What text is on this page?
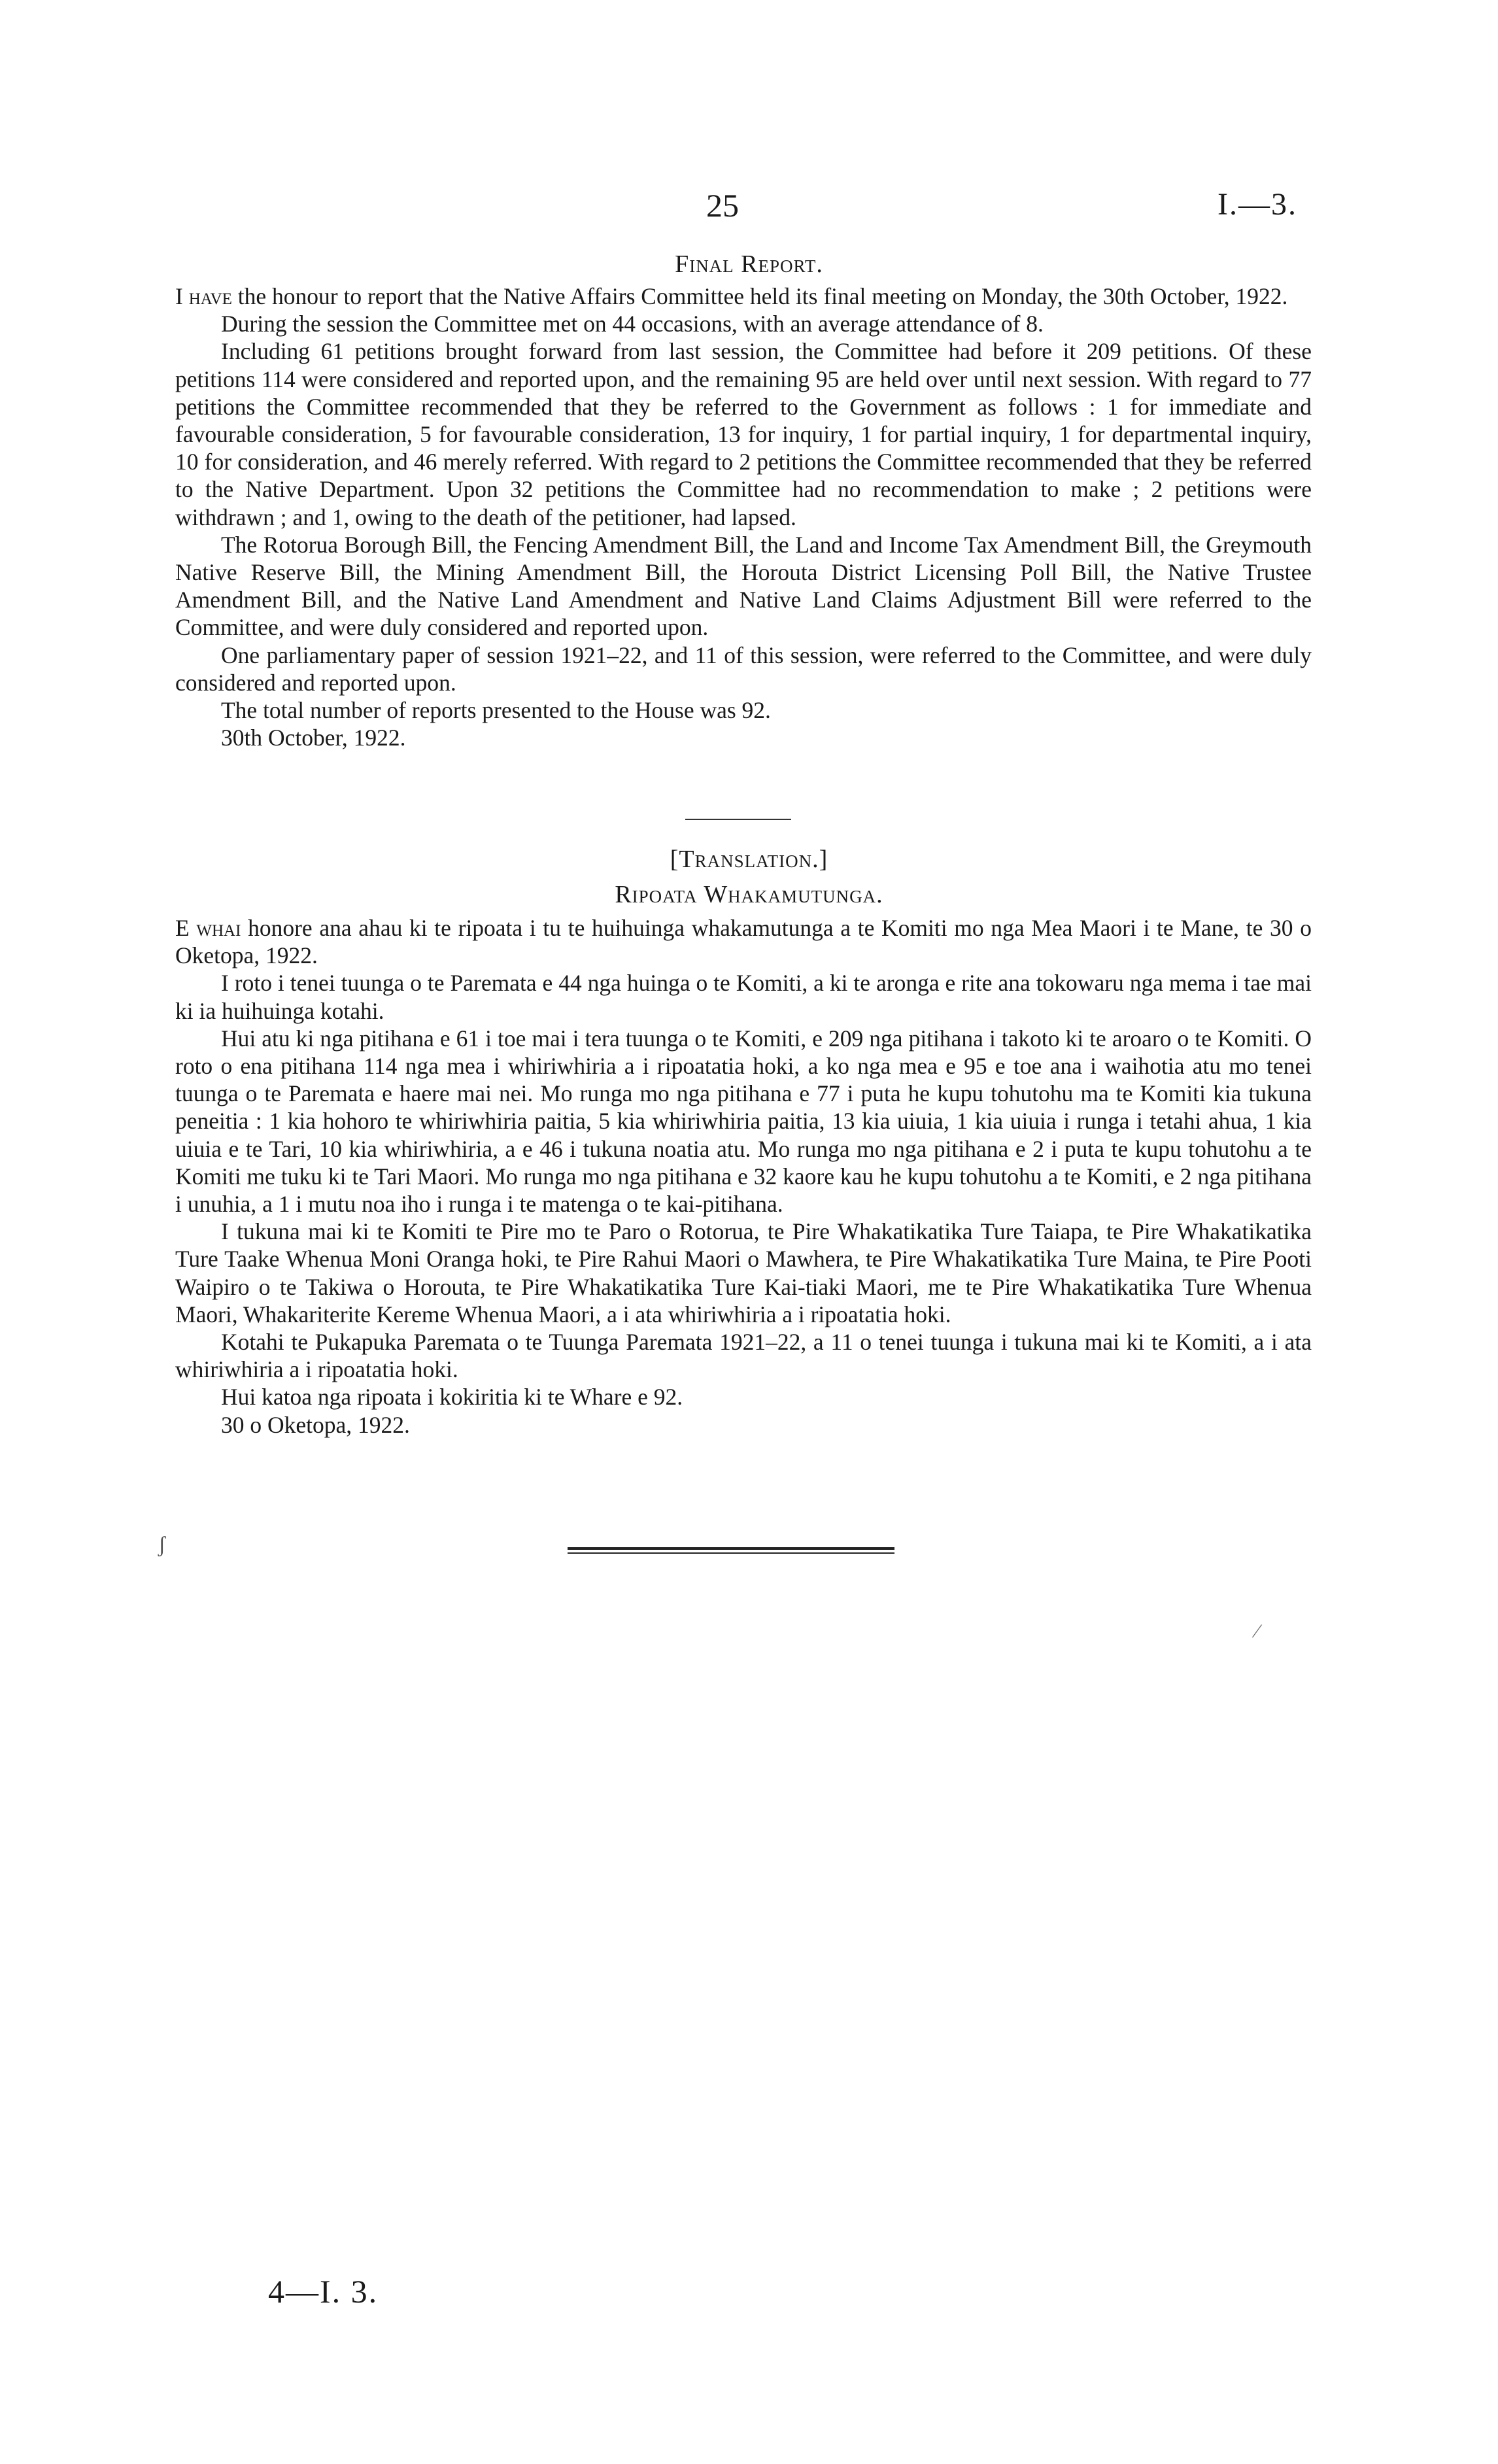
25	I.—3.
Final Report.

I have the honour to report that the Native Affairs Committee held its final meeting on Monday, the 30th October, 1922.

During the session the Committee met on 44 occasions, with an average attendance of 8.

Including 61 petitions brought forward from last session, the Committee had before it 209 petitions. Of these petitions 114 were considered and reported upon, and the remaining 95 are held over until next session. With regard to 77 petitions the Committee recommended that they be referred to the Government as follows : 1 for immediate and favourable consideration, 5 for favourable consideration, 13 for inquiry, 1 for partial inquiry, 1 for departmental inquiry, 10 for consideration, and 46 merely referred. With regard to 2 petitions the Committee recommended that they be referred to the Native Department. Upon 32 petitions the Committee had no recommendation to make ; 2 petitions were withdrawn ; and 1, owing to the death of the petitioner, had lapsed.

The Rotorua Borough Bill, the Fencing Amendment Bill, the Land and Income Tax Amendment Bill, the Greymouth Native Reserve Bill, the Mining Amendment Bill, the Horouta District Licensing Poll Bill, the Native Trustee Amendment Bill, and the Native Land Amendment and Native Land Claims Adjustment Bill were referred to the Committee, and were duly considered and reported upon.

One parliamentary paper of session 1921–22, and 11 of this session, were referred to the Committee, and were duly considered and reported upon.

The total number of reports presented to the House was 92.

30th October, 1922.

[Translation.]
Ripoata Whakamutunga.

E whai honore ana ahau ki te ripoata i tu te huihuinga whakamutunga a te Komiti mo nga Mea Maori i te Mane, te 30 o Oketopa, 1922.

I roto i tenei tuunga o te Paremata e 44 nga huinga o te Komiti, a ki te aronga e rite ana tokowaru nga mema i tae mai ki ia huihuinga kotahi.

Hui atu ki nga pitihana e 61 i toe mai i tera tuunga o te Komiti, e 209 nga pitihana i takoto ki te aroaro o te Komiti. O roto o ena pitihana 114 nga mea i whiriwhiria a i ripoatatia hoki, a ko nga mea e 95 e toe ana i waihotia atu mo tenei tuunga o te Paremata e haere mai nei. Mo runga mo nga pitihana e 77 i puta he kupu tohutohu ma te Komiti kia tukuna peneitia : 1 kia hohoro te whiriwhiria paitia, 5 kia whiriwhiria paitia, 13 kia uiuia, 1 kia uiuia i runga i tetahi ahua, 1 kia uiuia e te Tari, 10 kia whiriwhiria, a e 46 i tukuna noatia atu. Mo runga mo nga pitihana e 2 i puta te kupu tohutohu a te Komiti me tuku ki te Tari Maori. Mo runga mo nga pitihana e 32 kaore kau he kupu tohutohu a te Komiti, e 2 nga pitihana i unuhia, a 1 i mutu noa iho i runga i te matenga o te kai-pitihana.

I tukuna mai ki te Komiti te Pire mo te Paro o Rotorua, te Pire Whakatikatika Ture Taiapa, te Pire Whakatikatika Ture Taake Whenua Moni Oranga hoki, te Pire Rahui Maori o Mawhera, te Pire Whakatikatika Ture Maina, te Pire Pooti Waipiro o te Takiwa o Horouta, te Pire Whakatikatika Ture Kai-tiaki Maori, me te Pire Whakatikatika Ture Whenua Maori, Whakariterite Kereme Whenua Maori, a i ata whiriwhiria a i ripoatatia hoki.

Kotahi te Pukapuka Paremata o te Tuunga Paremata 1921–22, a 11 o tenei tuunga i tukuna mai ki te Komiti, a i ata whiriwhiria a i ripoatatia hoki.

Hui katoa nga ripoata i kokiritia ki te Whare e 92.

30 o Oketopa, 1922.

ʃ
⁄
4—I. 3.
